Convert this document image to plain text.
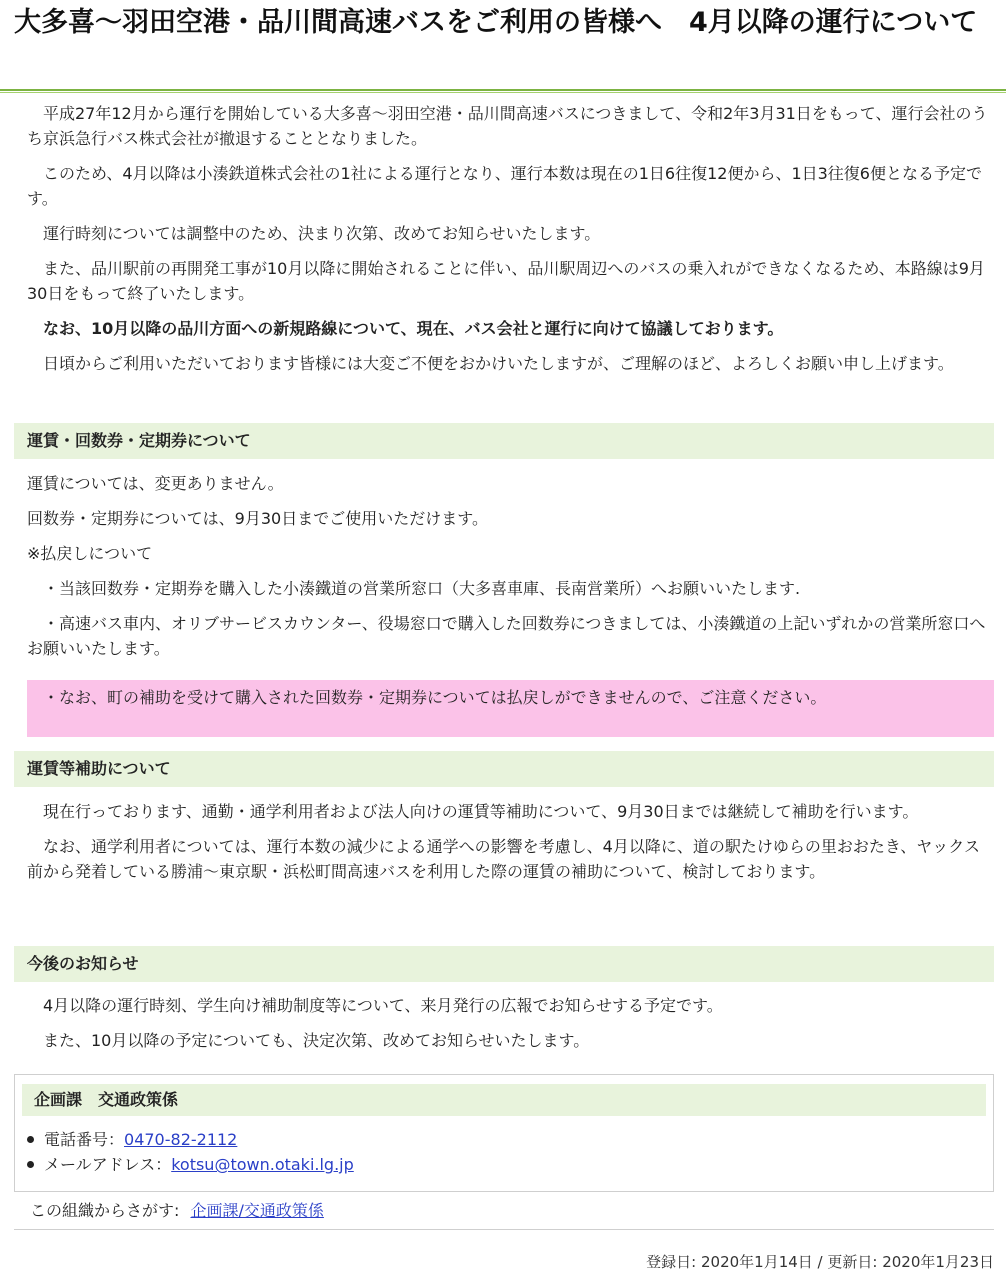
大多喜〜羽田空港・品川間高速バスをご利用の皆様へ　4月以降の運行について

平成27年12月から運行を開始している大多喜〜羽田空港・品川間高速バスにつきまして、令和2年3月31日をもって、運行会社のうち京浜急行バス株式会社が撤退することとなりました。

このため、4月以降は小湊鉄道株式会社の1社による運行となり、運行本数は現在の1日6往復12便から、1日3往復6便となる予定です。

運行時刻については調整中のため、決まり次第、改めてお知らせいたします。

また、品川駅前の再開発工事が10月以降に開始されることに伴い、品川駅周辺へのバスの乗入れができなくなるため、本路線は9月30日をもって終了いたします。

なお、10月以降の品川方面への新規路線について、現在、バス会社と運行に向けて協議しております。

日頃からご利用いただいております皆様には大変ご不便をおかけいたしますが、ご理解のほど、よろしくお願い申し上げます。

運賃・回数券・定期券について

運賃については、変更ありません。

回数券・定期券については、9月30日までご使用いただけます。

※払戻しについて

・当該回数券・定期券を購入した小湊鐵道の営業所窓口（大多喜車庫、長南営業所）へお願いいたします.

・高速バス車内、オリブサービスカウンター、役場窓口で購入した回数券につきましては、小湊鐵道の上記いずれかの営業所窓口へお願いいたします。

・なお、町の補助を受けて購入された回数券・定期券については払戻しができませんので、ご注意ください。
運賃等補助について

現在行っております、通勤・通学利用者および法人向けの運賃等補助について、9月30日までは継続して補助を行います。

なお、通学利用者については、運行本数の減少による通学への影響を考慮し、4月以降に、道の駅たけゆらの里おおたき、ヤックス前から発着している勝浦〜東京駅・浜松町間高速バスを利用した際の運賃の補助について、検討しております。

今後のお知らせ

4月以降の運行時刻、学生向け補助制度等について、来月発行の広報でお知らせする予定です。

また、10月以降の予定についても、決定次第、改めてお知らせいたします。

企画課　交通政策係
電話番号：0470-82-2112
メールアドレス：kotsu@town.otaki.lg.jp
この組織からさがす: 企画課/交通政策係
登録日: 2020年1月14日 / 更新日: 2020年1月23日
